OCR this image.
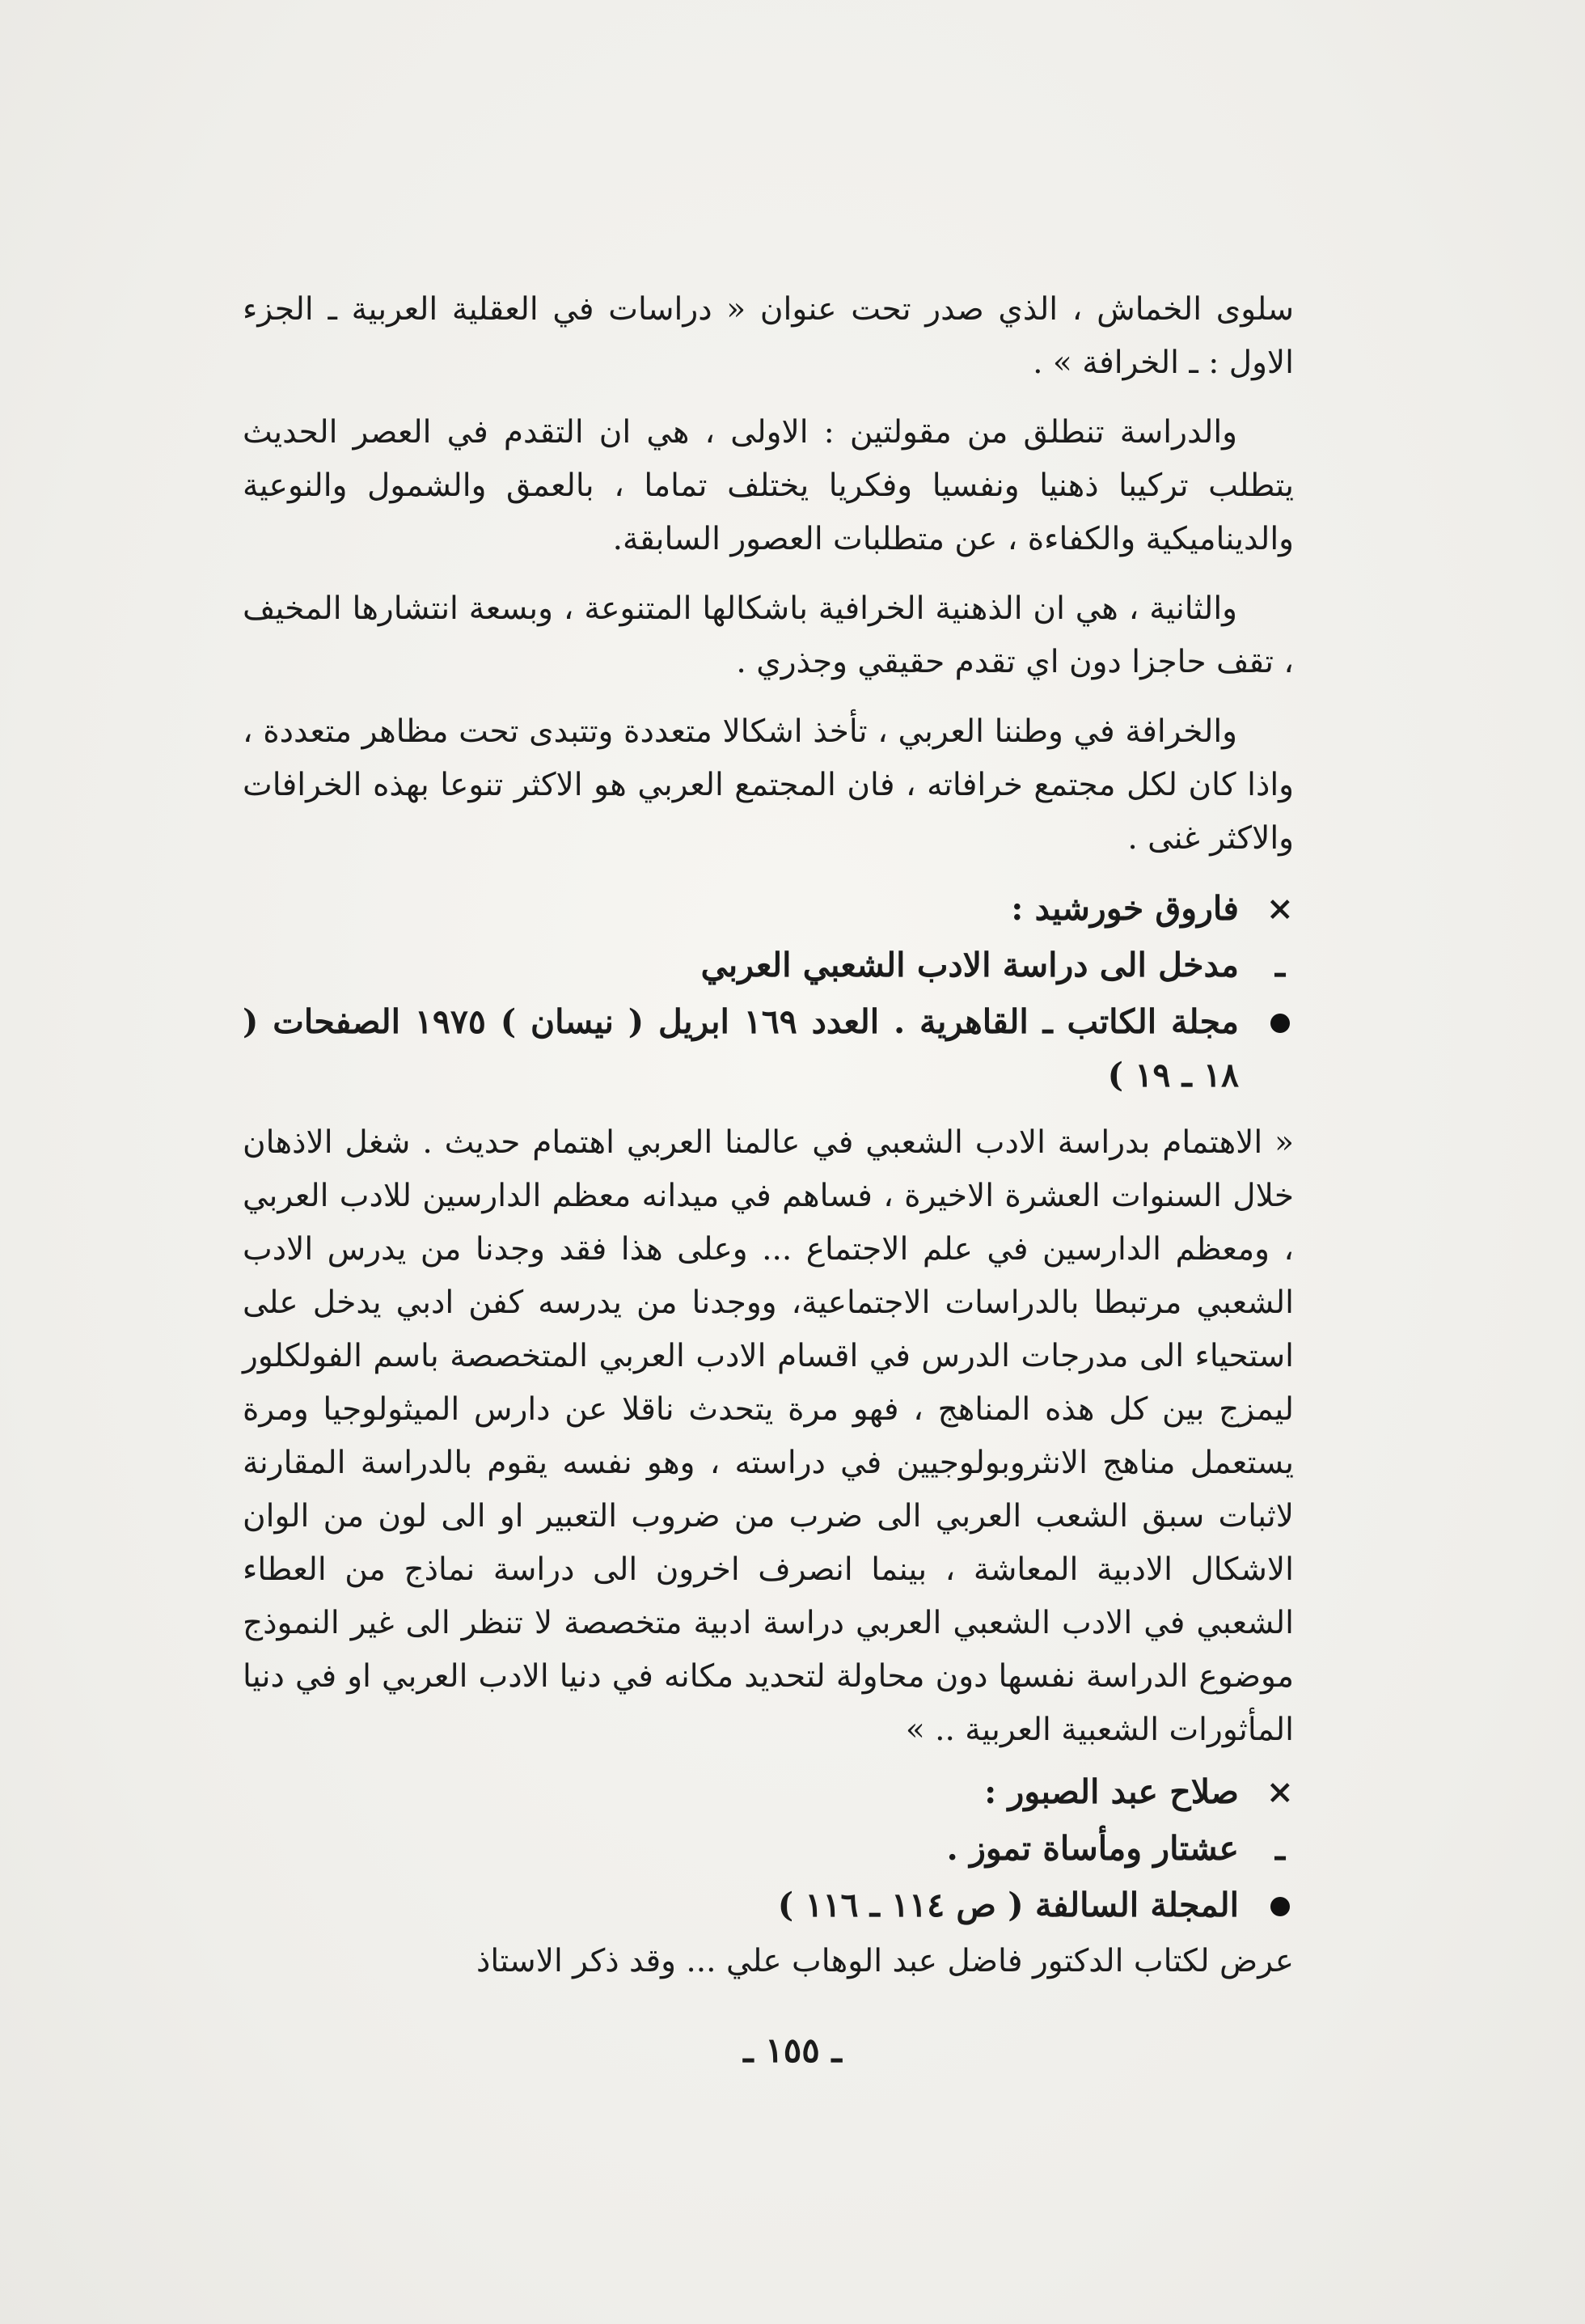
سلوى الخماش ، الذي صدر تحت عنوان « دراسات في العقلية العربية ـ الجزء الاول : ـ الخرافة » .

والدراسة تنطلق من مقولتين : الاولى ، هي ان التقدم في العصر الحديث يتطلب تركيبا ذهنيا ونفسيا وفكريا يختلف تماما ، بالعمق والشمول والنوعية والديناميكية والكفاءة ، عن متطلبات العصور السابقة.

والثانية ، هي ان الذهنية الخرافية باشكالها المتنوعة ، وبسعة انتشارها المخيف ، تقف حاجزا دون اي تقدم حقيقي وجذري .

والخرافة في وطننا العربي ، تأخذ اشكالا متعددة وتتبدى تحت مظاهر متعددة ، واذا كان لكل مجتمع خرافاته ، فان المجتمع العربي هو الاكثر تنوعا بهذه الخرافات والاكثر غنى .

×
فاروق خورشيد :
ـ
مدخل الى دراسة الادب الشعبي العربي
مجلة الكاتب ـ القاهرية . العدد ١٦٩ ابريل ( نيسان ) ١٩٧٥ الصفحات ( ١٨ ـ ١٩ )

« الاهتمام بدراسة الادب الشعبي في عالمنا العربي اهتمام حديث . شغل الاذهان خلال السنوات العشرة الاخيرة ، فساهم في ميدانه معظم الدارسين للادب العربي ، ومعظم الدارسين في علم الاجتماع ... وعلى هذا فقد وجدنا من يدرس الادب الشعبي مرتبطا بالدراسات الاجتماعية، ووجدنا من يدرسه كفن ادبي يدخل على استحياء الى مدرجات الدرس في اقسام الادب العربي المتخصصة باسم الفولكلور ليمزج بين كل هذه المناهج ، فهو مرة يتحدث ناقلا عن دارس الميثولوجيا ومرة يستعمل مناهج الانثروبولوجيين في دراسته ، وهو نفسه يقوم بالدراسة المقارنة لاثبات سبق الشعب العربي الى ضرب من ضروب التعبير او الى لون من الوان الاشكال الادبية المعاشة ، بينما انصرف اخرون الى دراسة نماذج من العطاء الشعبي في الادب الشعبي العربي دراسة ادبية متخصصة لا تنظر الى غير النموذج موضوع الدراسة نفسها دون محاولة لتحديد مكانه في دنيا الادب العربي او في دنيا المأثورات الشعبية العربية .. »

×
صلاح عبد الصبور :
ـ
عشتار ومأساة تموز .
المجلة السالفة ( ص ١١٤ ـ ١١٦ )

عرض لكتاب الدكتور فاضل عبد الوهاب علي ... وقد ذكر الاستاذ

ـ ١٥٥ ـ
